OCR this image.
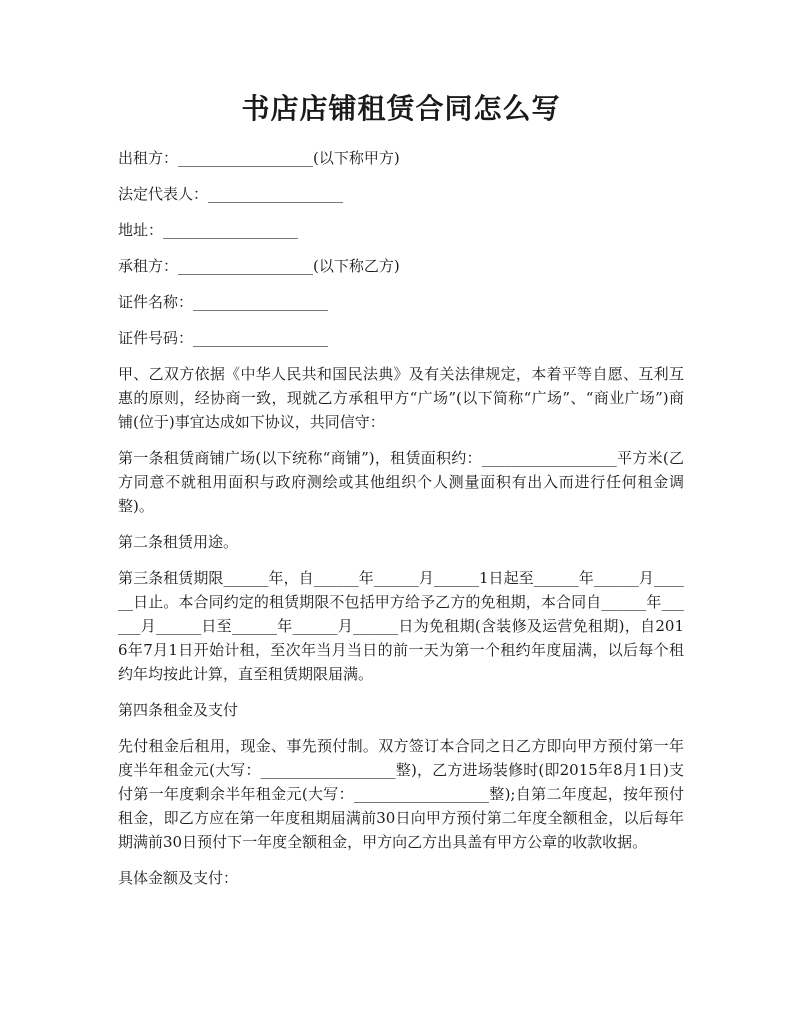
书店店铺租赁合同怎么写
出租方：__________________(以下称甲方)
法定代表人：__________________
地址：__________________
承租方：__________________(以下称乙方)
证件名称：__________________
证件号码：__________________

甲、乙双方依据《中华人民共和国民法典》及有关法律规定，本着平等自愿、互利互惠的原则，经协商一致，现就乙方承租甲方“广场”(以下简称“广场”、“商业广场”)商铺(位于)事宜达成如下协议，共同信守：

第一条租赁商铺广场(以下统称“商铺”)，租赁面积约：__________________平方米(乙方同意不就租用面积与政府测绘或其他组织个人测量面积有出入而进行任何租金调整)。

第二条租赁用途。

第三条租赁期限______年，自______年______月______1日起至______年______月______日止。本合同约定的租赁期限不包括甲方给予乙方的免租期，本合同自______年______月______日至______年______月______日为免租期(含装修及运营免租期)，自2016年7月1日开始计租，至次年当月当日的前一天为第一个租约年度届满，以后每个租约年均按此计算，直至租赁期限届满。

第四条租金及支付

先付租金后租用，现金、事先预付制。双方签订本合同之日乙方即向甲方预付第一年度半年租金元(大写：__________________整)，乙方进场装修时(即2015年8月1日)支付第一年度剩余半年租金元(大写：__________________整);自第二年度起，按年预付租金，即乙方应在第一年度租期届满前30日向甲方预付第二年度全额租金，以后每年期满前30日预付下一年度全额租金，甲方向乙方出具盖有甲方公章的收款收据。

具体金额及支付：
